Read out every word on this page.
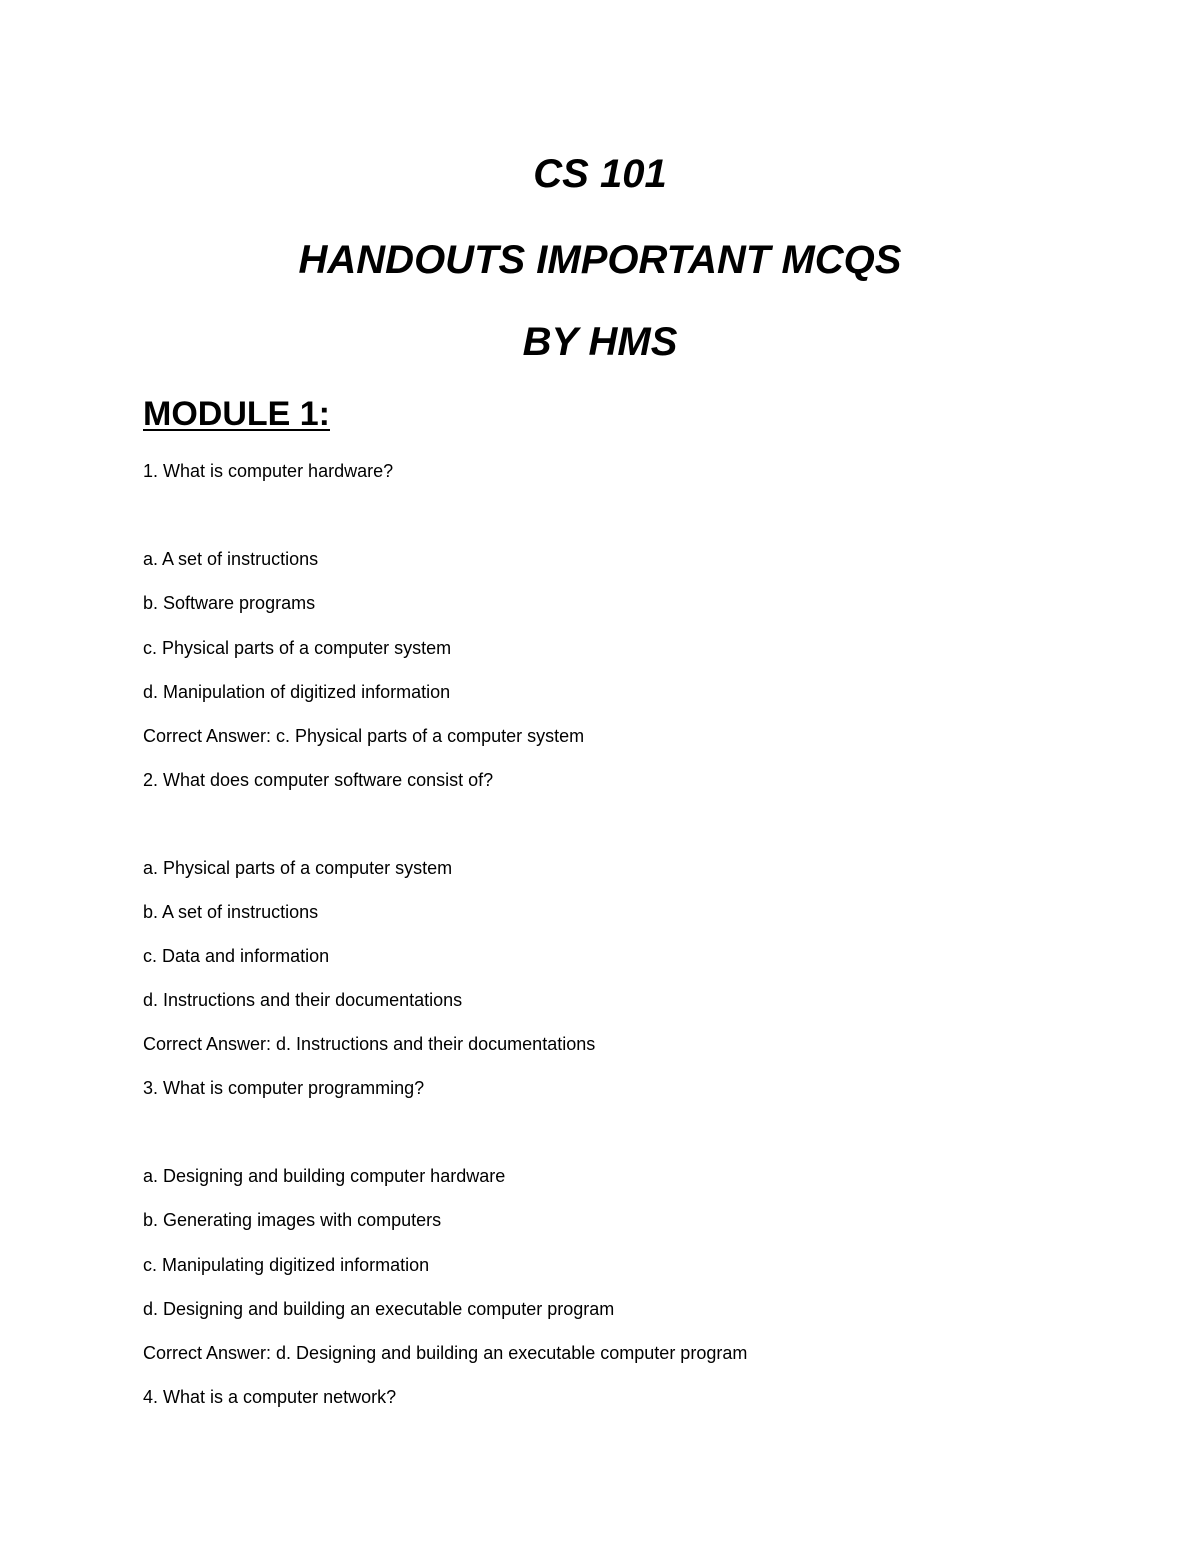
CS 101
HANDOUTS IMPORTANT MCQS
BY HMS
MODULE 1:
1. What is computer hardware?
a. A set of instructions
b. Software programs
c. Physical parts of a computer system
d. Manipulation of digitized information
Correct Answer: c. Physical parts of a computer system
2. What does computer software consist of?
a. Physical parts of a computer system
b. A set of instructions
c. Data and information
d. Instructions and their documentations
Correct Answer: d. Instructions and their documentations
3. What is computer programming?
a. Designing and building computer hardware
b. Generating images with computers
c. Manipulating digitized information
d. Designing and building an executable computer program
Correct Answer: d. Designing and building an executable computer program
4. What is a computer network?
